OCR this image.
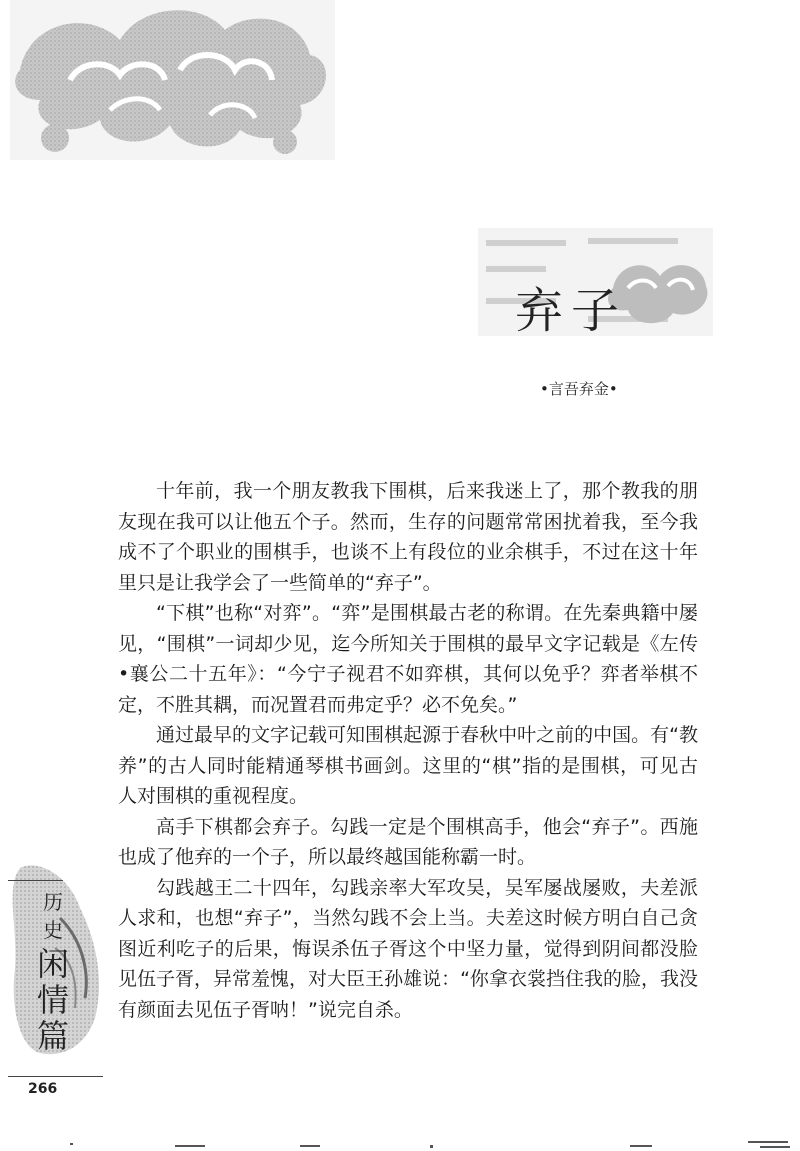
弃子
•言吾弃金•

十年前，我一个朋友教我下围棋，后来我迷上了，那个教我的朋友现在我可以让他五个子。然而，生存的问题常常困扰着我，至今我成不了个职业的围棋手，也谈不上有段位的业余棋手，不过在这十年里只是让我学会了一些简单的“弃子”。

“下棋”也称“对弈”。“弈”是围棋最古老的称谓。在先秦典籍中屡见，“围棋”一词却少见，迄今所知关于围棋的最早文字记载是《左传•襄公二十五年》：“今宁子视君不如弈棋，其何以免乎？弈者举棋不定，不胜其耦，而况置君而弗定乎？必不免矣。”

通过最早的文字记载可知围棋起源于春秋中叶之前的中国。有“教养”的古人同时能精通琴棋书画剑。这里的“棋”指的是围棋，可见古人对围棋的重视程度。

高手下棋都会弃子。勾践一定是个围棋高手，他会“弃子”。西施也成了他弃的一个子，所以最终越国能称霸一时。

勾践越王二十四年，勾践亲率大军攻吴，吴军屡战屡败，夫差派人求和，也想“弃子”，当然勾践不会上当。夫差这时候方明白自己贪图近利吃子的后果，悔误杀伍子胥这个中坚力量，觉得到阴间都没脸见伍子胥，异常羞愧，对大臣王孙雄说：“你拿衣裳挡住我的脸，我没有颜面去见伍子胥呐！”说完自杀。

历
史
闲
情
篇
266
